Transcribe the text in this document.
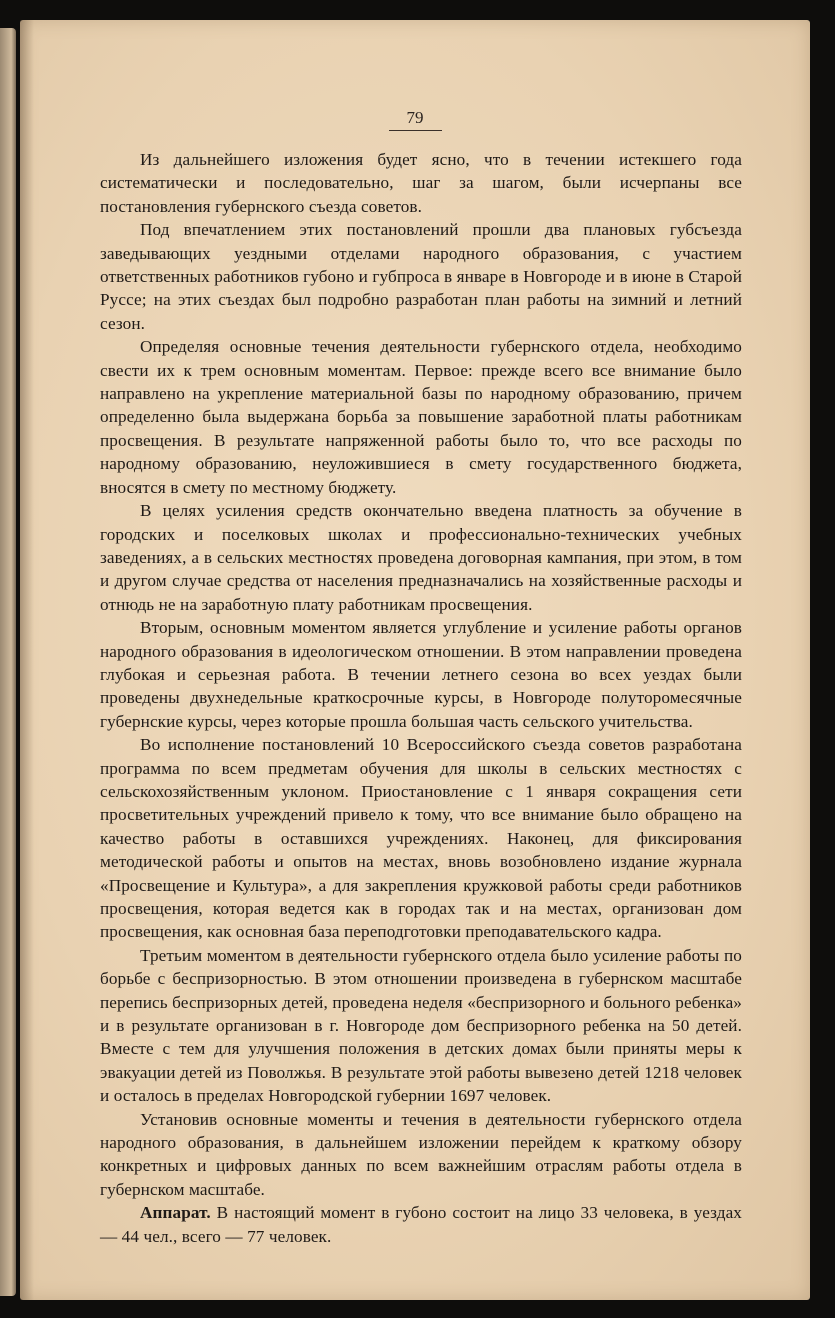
79

Из дальнейшего изложения будет ясно, что в течении истекшего года систематически и последовательно, шаг за шагом, были исчерпаны все постановления губернского съезда советов.

Под впечатлением этих постановлений прошли два плановых губсъезда заведывающих уездными отделами народного образования, с участием ответственных работников губоно и губпроса в январе в Новгороде и в июне в Старой Руссе; на этих съездах был подробно разработан план работы на зимний и летний сезон.

Определяя основные течения деятельности губернского отдела, необходимо свести их к трем основным моментам. Первое: прежде всего все внимание было направлено на укрепление материальной базы по народному образованию, причем определенно была выдержана борьба за повышение заработной платы работникам просвещения. В результате напряженной работы было то, что все расходы по народному образованию, неуложившиеся в смету государственного бюджета, вносятся в смету по местному бюджету.

В целях усиления средств окончательно введена платность за обучение в городских и поселковых школах и профессионально-технических учебных заведениях, а в сельских местностях проведена договорная кампания, при этом, в том и другом случае средства от населения предназначались на хозяйственные расходы и отнюдь не на заработную плату работникам просвещения.

Вторым, основным моментом является углубление и усиление работы органов народного образования в идеологическом отношении. В этом направлении проведена глубокая и серьезная работа. В течении летнего сезона во всех уездах были проведены двухнедельные краткосрочные курсы, в Новгороде полуторомесячные губернские курсы, через которые прошла большая часть сельского учительства.

Во исполнение постановлений 10 Всероссийского съезда советов разработана программа по всем предметам обучения для школы в сельских местностях с сельскохозяйственным уклоном. Приостановление с 1 января сокращения сети просветительных учреждений привело к тому, что все внимание было обращено на качество работы в оставшихся учреждениях. Наконец, для фиксирования методической работы и опытов на местах, вновь возобновлено издание журнала «Просвещение и Культура», а для закрепления кружковой работы среди работников просвещения, которая ведется как в городах так и на местах, организован дом просвещения, как основная база переподготовки преподавательского кадра.

Третьим моментом в деятельности губернского отдела было усиление работы по борьбе с беспризорностью. В этом отношении произведена в губернском масштабе перепись беспризорных детей, проведена неделя «беспризорного и больного ребенка» и в результате организован в г. Новгороде дом беспризорного ребенка на 50 детей. Вместе с тем для улучшения положения в детских домах были приняты меры к эвакуации детей из Поволжья. В результате этой работы вывезено детей 1218 человек и осталось в пределах Новгородской губернии 1697 человек.

Установив основные моменты и течения в деятельности губернского отдела народного образования, в дальнейшем изложении перейдем к краткому обзору конкретных и цифровых данных по всем важнейшим отраслям работы отдела в губернском масштабе.

Аппарат. В настоящий момент в губоно состоит на лицо 33 человека, в уездах — 44 чел., всего — 77 человек.
